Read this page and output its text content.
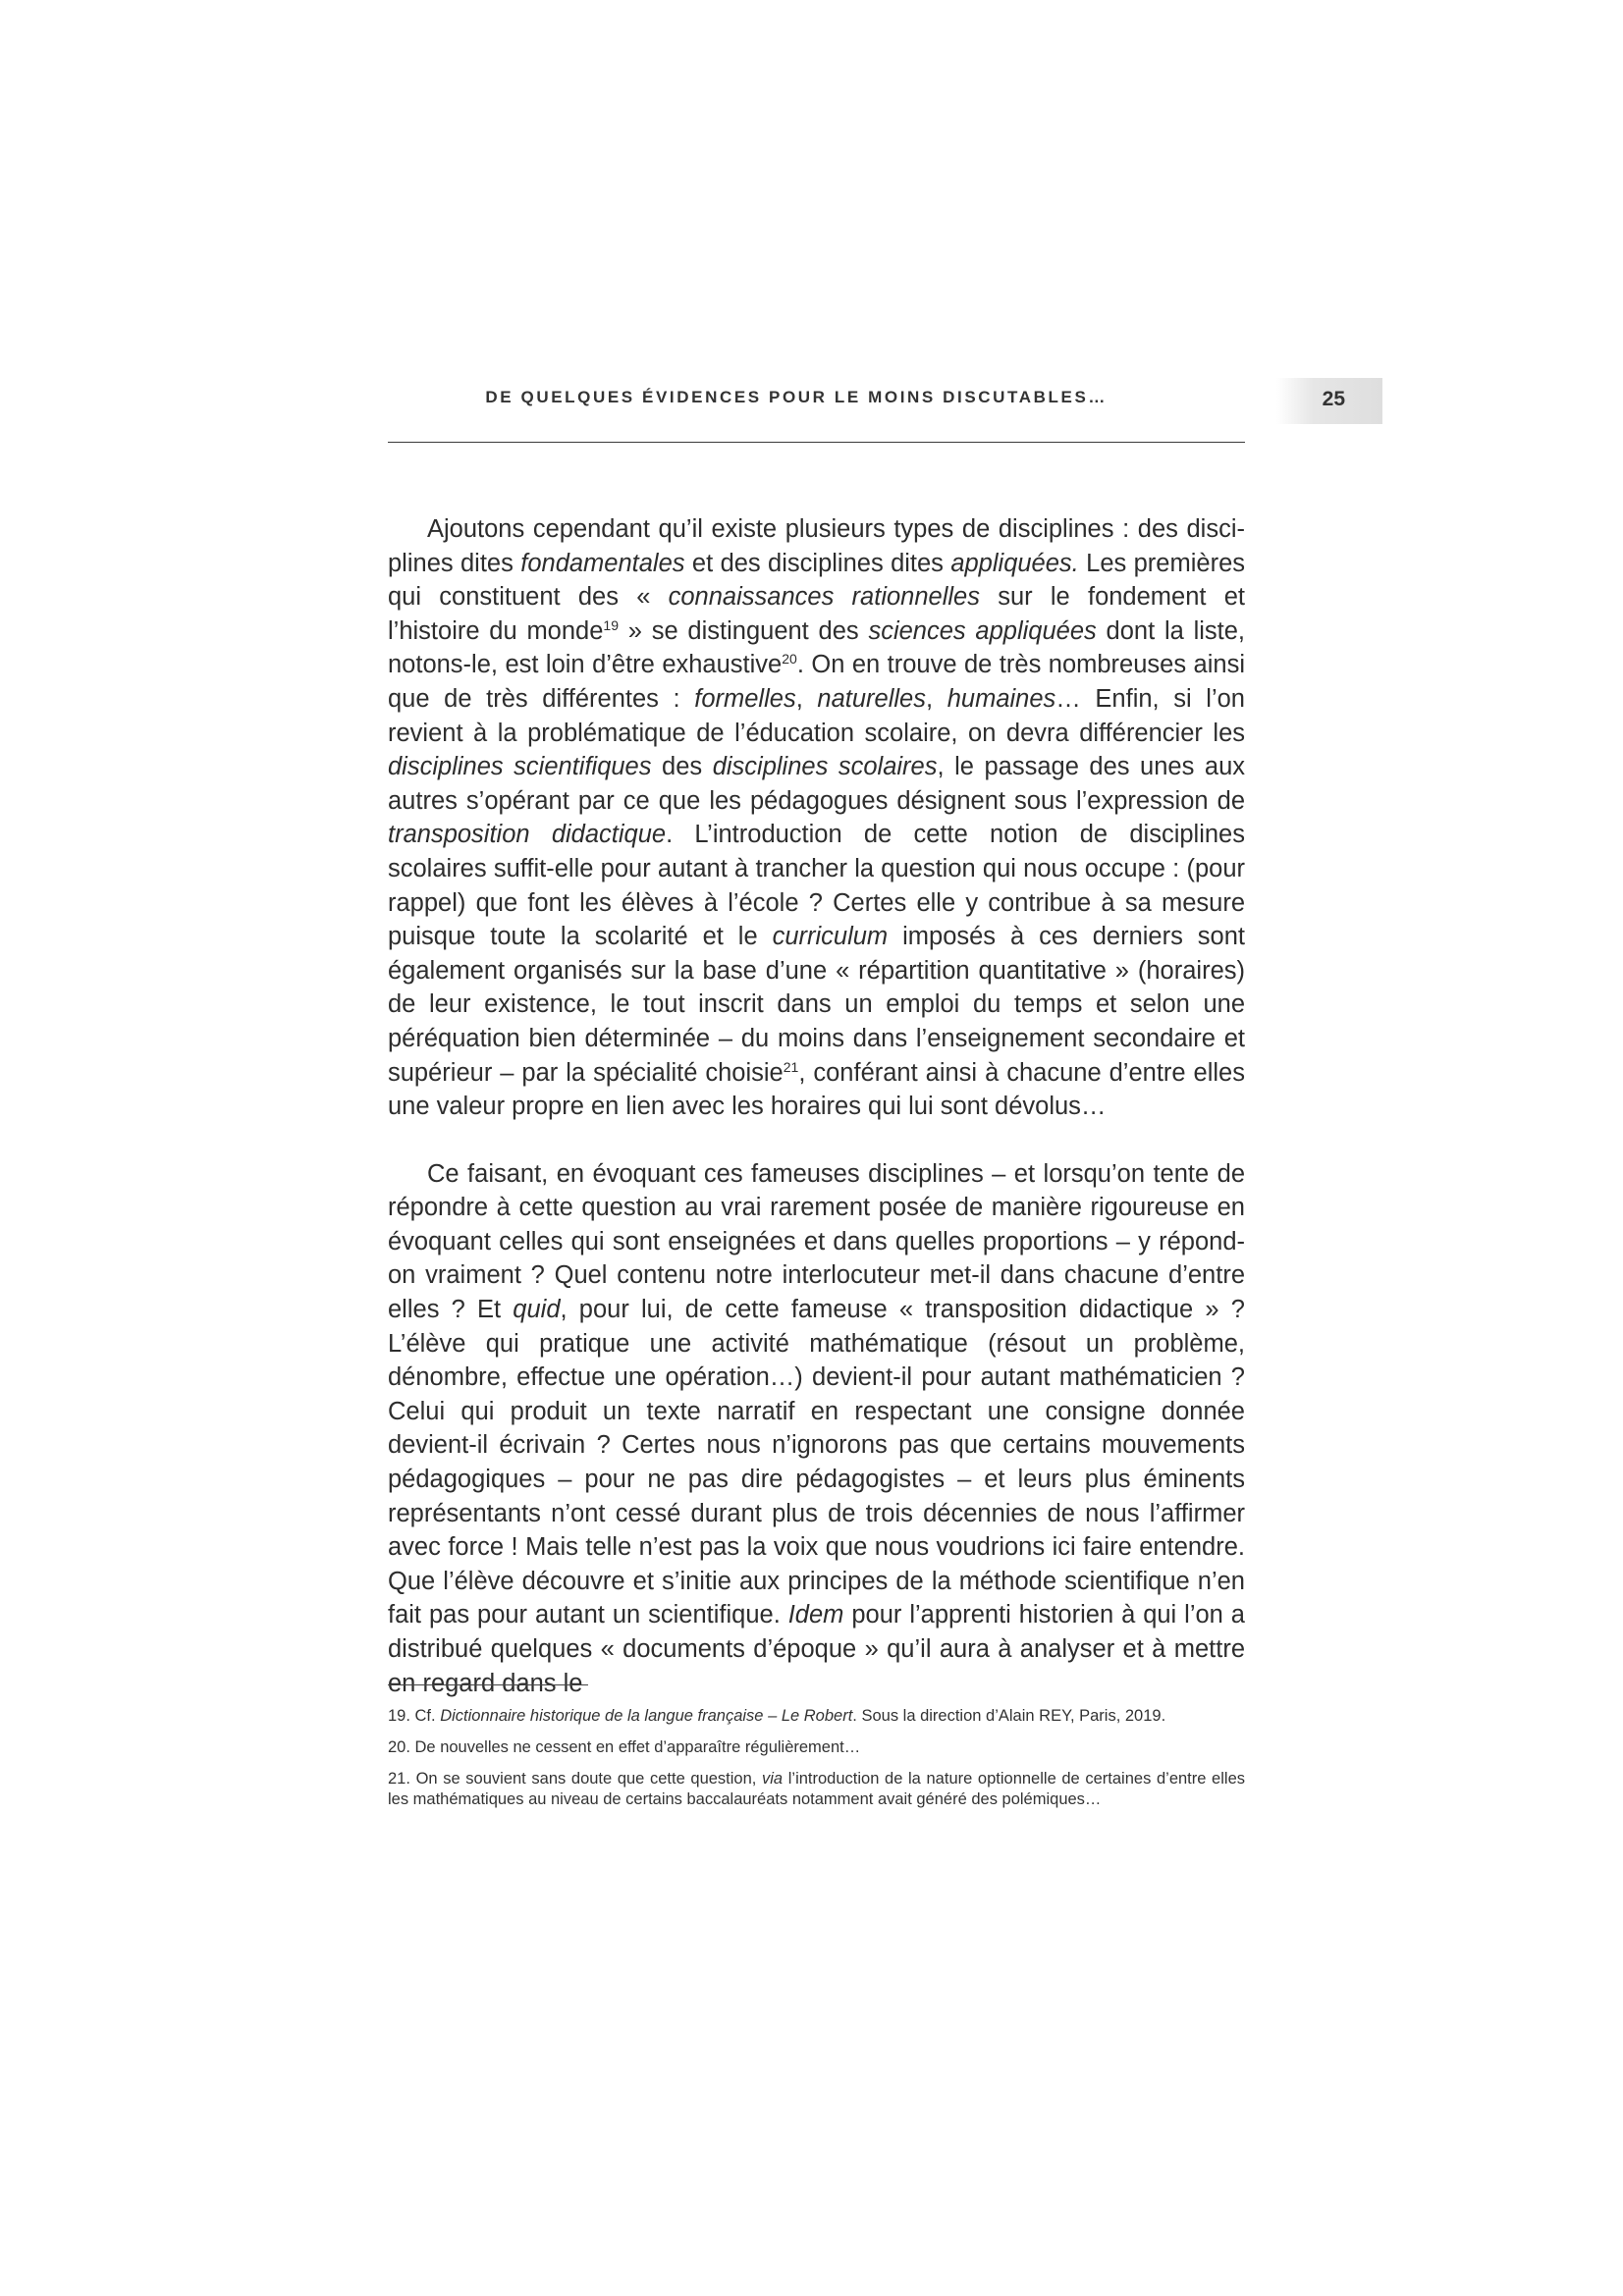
DE QUELQUES ÉVIDENCES POUR LE MOINS DISCUTABLES…	25

Ajoutons cependant qu’il existe plusieurs types de disciplines : des disciplines dites fondamentales et des disciplines dites appliquées. Les premières qui constituent des « connaissances rationnelles sur le fondement et l’histoire du monde$^{19}$ » se distinguent des sciences appliquées dont la liste, notons-le, est loin d’être exhaustive$^{20}$. On en trouve de très nombreuses ainsi que de très différentes : formelles, naturelles, humaines… Enfin, si l’on revient à la problématique de l’éducation scolaire, on devra différencier les disciplines scientifiques des disciplines scolaires, le passage des unes aux autres s’opérant par ce que les pédagogues désignent sous l’expression de transposition didactique. L’introduction de cette notion de disciplines scolaires suffit-elle pour autant à trancher la question qui nous occupe : (pour rappel) que font les élèves à l’école ? Certes elle y contribue à sa mesure puisque toute la scolarité et le curriculum imposés à ces derniers sont également organisés sur la base d’une « répartition quantitative » (horaires) de leur existence, le tout inscrit dans un emploi du temps et selon une péréquation bien déterminée – du moins dans l’enseignement secondaire et supérieur – par la spécialité choisie$^{21}$, conférant ainsi à chacune d’entre elles une valeur propre en lien avec les horaires qui lui sont dévolus…

Ce faisant, en évoquant ces fameuses disciplines – et lorsqu’on tente de répondre à cette question au vrai rarement posée de manière rigoureuse en évoquant celles qui sont enseignées et dans quelles proportions – y répond-on vraiment ? Quel contenu notre interlocuteur met-il dans chacune d’entre elles ? Et quid, pour lui, de cette fameuse « transposition didactique » ? L’élève qui pratique une activité mathématique (résout un problème, dénombre, effectue une opération…) devient-il pour autant mathématicien ? Celui qui produit un texte narratif en respectant une consigne donnée devient-il écrivain ? Certes nous n’ignorons pas que certains mouvements pédagogiques – pour ne pas dire pédagogistes – et leurs plus éminents représentants n’ont cessé durant plus de trois décennies de nous l’affirmer avec force ! Mais telle n’est pas la voix que nous voudrions ici faire entendre. Que l’élève découvre et s’initie aux principes de la méthode scientifique n’en fait pas pour autant un scientifique. Idem pour l’apprenti historien à qui l’on a distribué quelques « documents d’époque » qu’il aura à analyser et à mettre en regard dans le

19. Cf. Dictionnaire historique de la langue française – Le Robert. Sous la direction d’Alain REY, Paris, 2019.

20. De nouvelles ne cessent en effet d’apparaître régulièrement…

21. On se souvient sans doute que cette question, via l’introduction de la nature optionnelle de certaines d’entre elles les mathématiques au niveau de certains baccalauréats notamment avait généré des polémiques…
